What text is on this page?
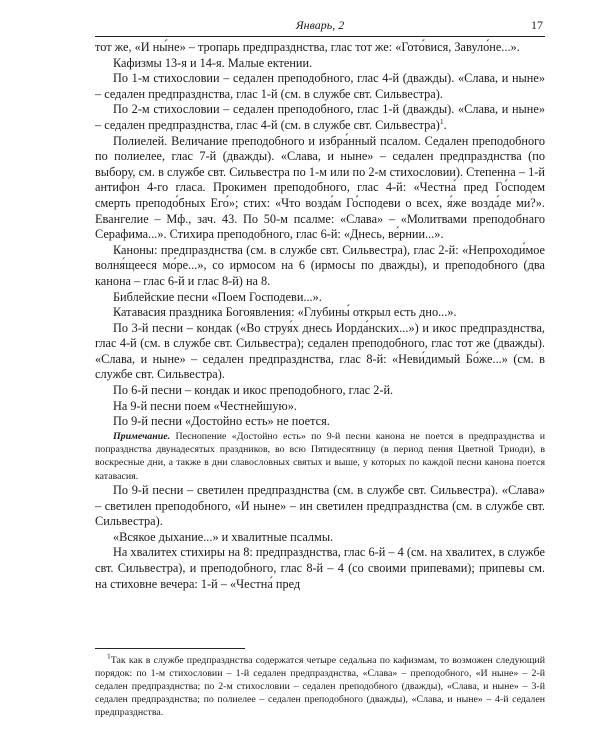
Январь, 2	17

тот же, «И ны́не» – тропарь предпразднства, глас тот же: «Гото́вися, Завуло́не...».

Кафизмы 13-я и 14-я. Малые ектении.

По 1-м стихословии – седален преподобного, глас 4-й (дважды). «Слава, и ныне» – седален предпразднства, глас 1-й (см. в службе свт. Сильвестра).

По 2-м стихословии – седален преподобного, глас 1-й (дважды). «Слава, и ныне» – седален предпразднства, глас 4-й (см. в службе свт. Сильвестра)$^1$.

Полиелей. Величание преподобного и избра́нный псалом. Седален преподобного по полиелее, глас 7-й (дважды). «Слава, и ныне» – седален предпразднства (по выбору, см. в службе свт. Сильвестра по 1-м или по 2-м стихословии). Степенна – 1-й антифон 4-го гласа. Прокимен преподобного, глас 4-й: «Честна́ пред Го́сподем смерть преподо́бных Его́»; стих: «Что возда́м Го́сподеви о всех, я́же возда́де ми?». Евангелие – Мф., зач. 43. По 50-м псалме: «Слава» – «Молитвами преподобнаго Серафима...». Стихира преподобного, глас 6-й: «Днесь, ве́рнии...».

Каноны: предпразднства (см. в службе свт. Сильвестра), глас 2-й: «Непроходи́мое волня́щееся мо́ре...», со ирмосом на 6 (ирмосы по дважды), и преподобного (два канона – глас 6-й и глас 8-й) на 8.

Библейские песни «Поем Господеви...».

Катавасия праздника Богоявления: «Глубины́ открыл есть дно...».

По 3-й песни – кондак («Во струя́х днесь Иорда́нских...») и икос предпразднства, глас 4-й (см. в службе свт. Сильвестра); седален преподобного, глас тот же (дважды). «Слава, и ныне» – седален предпразднства, глас 8-й: «Неви́димый Бо́же...» (см. в службе свт. Сильвестра).

По 6-й песни – кондак и икос преподобного, глас 2-й.

На 9-й песни поем «Честнейшую».

По 9-й песни «Достойно есть» не поется.

Примечание. Песнопение «Достойно есть» по 9-й песни канона не поется в предпразднства и попразднства двунадесятых праздников, во всю Пятидесятницу (в период пения Цветной Триоди), в воскресные дни, а также в дни славословных святых и выше, у которых по каждой песни канона поется катавасия.

По 9-й песни – светилен предпразднства (см. в службе свт. Сильвестра). «Слава» – светилен преподобного, «И ныне» – ин светилен предпразднства (см. в службе свт. Сильвестра).

«Всякое дыхание...» и хвалитные псалмы.

На хвалитех стихиры на 8: предпразднства, глас 6-й – 4 (см. на хвалитех, в службе свт. Сильвестра), и преподобного, глас 8-й – 4 (со своими припевами); припевы см. на стиховне вечера: 1-й – «Честна́ пред

$^1$Так как в службе предпразднства содержатся четыре седальна по кафизмам, то возможен следующий порядок: по 1-м стихословии – 1-й седален предпразднства, «Слава» – преподобного, «И ныне» – 2-й седален предпразднства; по 2-м стихословии – седален преподобного (дважды), «Слава, и ныне» – 3-й седален предпразднства; по полиелее – седален преподобного (дважды), «Слава, и ныне» – 4-й седален предпразднства.
